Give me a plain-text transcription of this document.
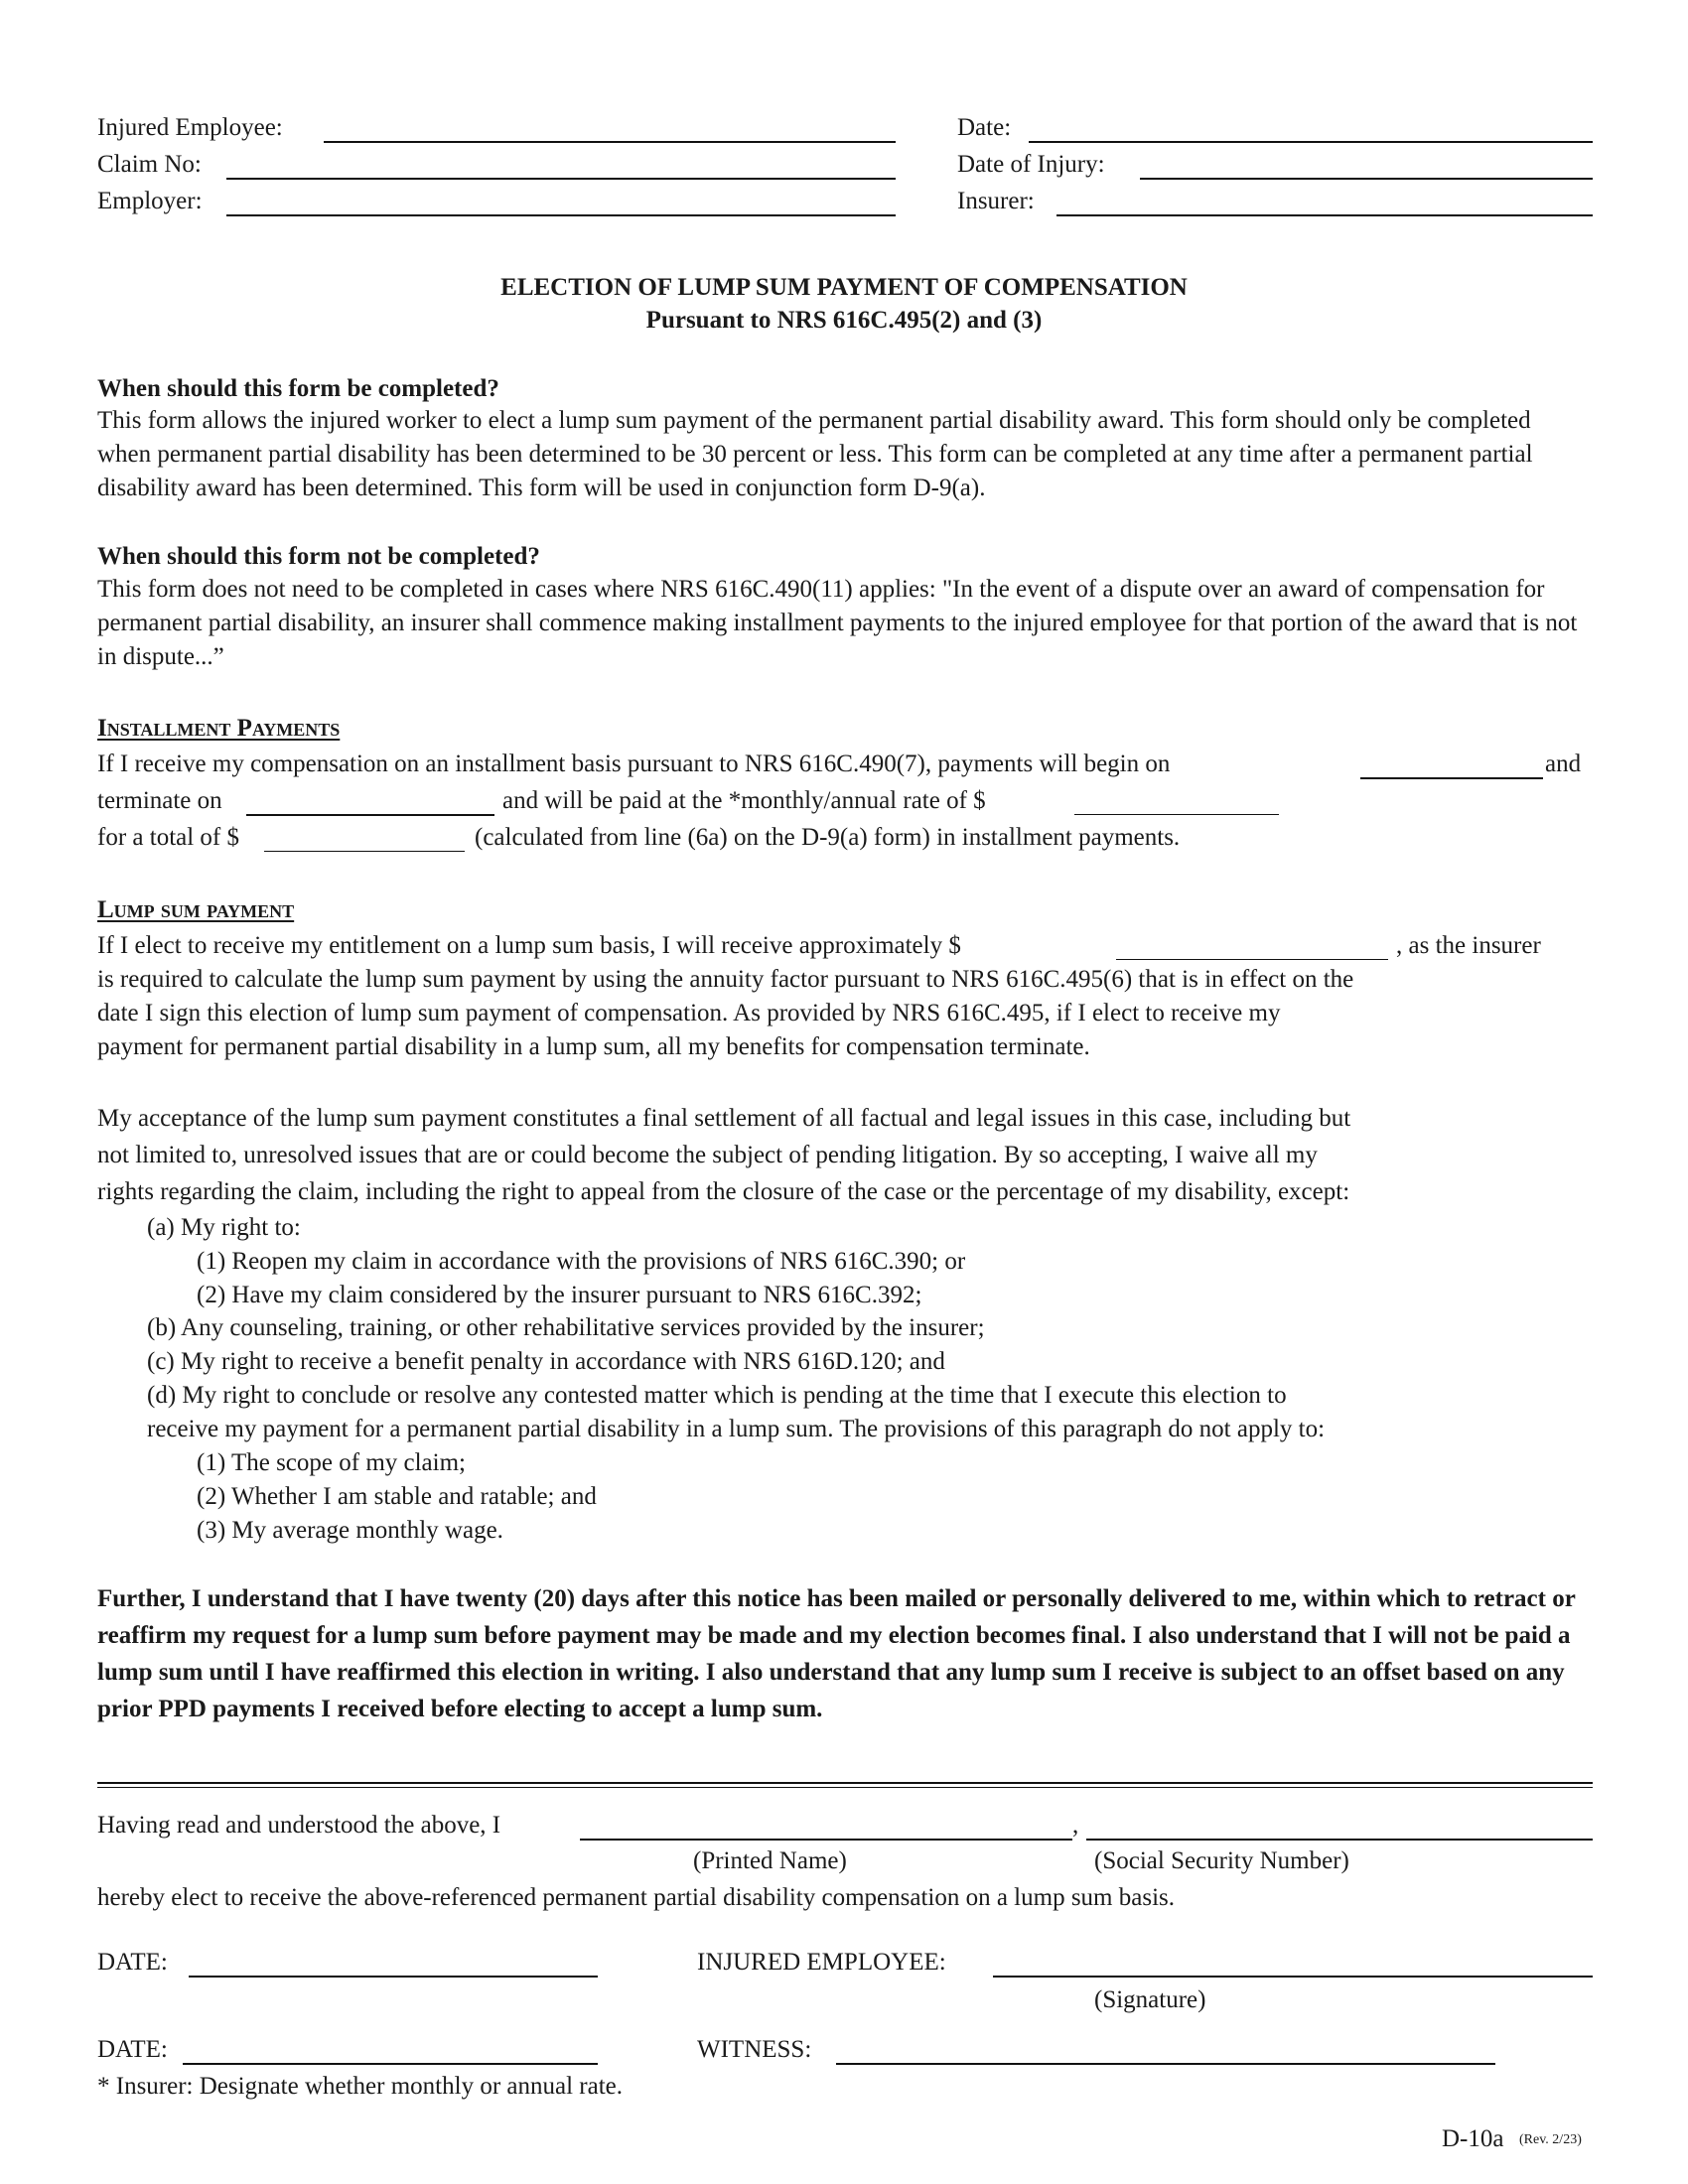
Injured Employee:
Claim No:
Employer:
Date:
Date of Injury:
Insurer:
ELECTION OF LUMP SUM PAYMENT OF COMPENSATION
Pursuant to NRS 616C.495(2) and (3)
When should this form be completed?
This form allows the injured worker to elect a lump sum payment of the permanent partial disability award. This form should only be completed when permanent partial disability has been determined to be 30 percent or less. This form can be completed at any time after a permanent partial disability award has been determined. This form will be used in conjunction form D-9(a).
When should this form not be completed?
This form does not need to be completed in cases where NRS 616C.490(11) applies: "In the event of a dispute over an award of compensation for permanent partial disability, an insurer shall commence making installment payments to the injured employee for that portion of the award that is not in dispute...”
Installment Payments
If I receive my compensation on an installment basis pursuant to NRS 616C.490(7), payments will begin on	and
terminate on	and will be paid at the *monthly/annual rate of $
for a total of $	(calculated from line (6a) on the D-9(a) form) in installment payments.
Lump sum payment
If I elect to receive my entitlement on a lump sum basis, I will receive approximately $	, as the insurer
is required to calculate the lump sum payment by using the annuity factor pursuant to NRS 616C.495(6) that is in effect on the
date I sign this election of lump sum payment of compensation. As provided by NRS 616C.495, if I elect to receive my
payment for permanent partial disability in a lump sum, all my benefits for compensation terminate.
My acceptance of the lump sum payment constitutes a final settlement of all factual and legal issues in this case, including but
not limited to, unresolved issues that are or could become the subject of pending litigation. By so accepting, I waive all my
rights regarding the claim, including the right to appeal from the closure of the case or the percentage of my disability, except:
(a) My right to:
(1) Reopen my claim in accordance with the provisions of NRS 616C.390; or
(2) Have my claim considered by the insurer pursuant to NRS 616C.392;
(b) Any counseling, training, or other rehabilitative services provided by the insurer;
(c) My right to receive a benefit penalty in accordance with NRS 616D.120; and
(d) My right to conclude or resolve any contested matter which is pending at the time that I execute this election to
receive my payment for a permanent partial disability in a lump sum. The provisions of this paragraph do not apply to:
(1) The scope of my claim;
(2) Whether I am stable and ratable; and
(3) My average monthly wage.
Further, I understand that I have twenty (20) days after this notice has been mailed or personally delivered to me, within which to retract or reaffirm my request for a lump sum before payment may be made and my election becomes final. I also understand that I will not be paid a lump sum until I have reaffirmed this election in writing. I also understand that any lump sum I receive is subject to an offset based on any prior PPD payments I received before electing to accept a lump sum.
Having read and understood the above, I	,
(Printed Name)	(Social Security Number)
hereby elect to receive the above-referenced permanent partial disability compensation on a lump sum basis.
DATE:	INJURED EMPLOYEE:
(Signature)
DATE:	WITNESS:
* Insurer: Designate whether monthly or annual rate.
D-10a (Rev. 2/23)
